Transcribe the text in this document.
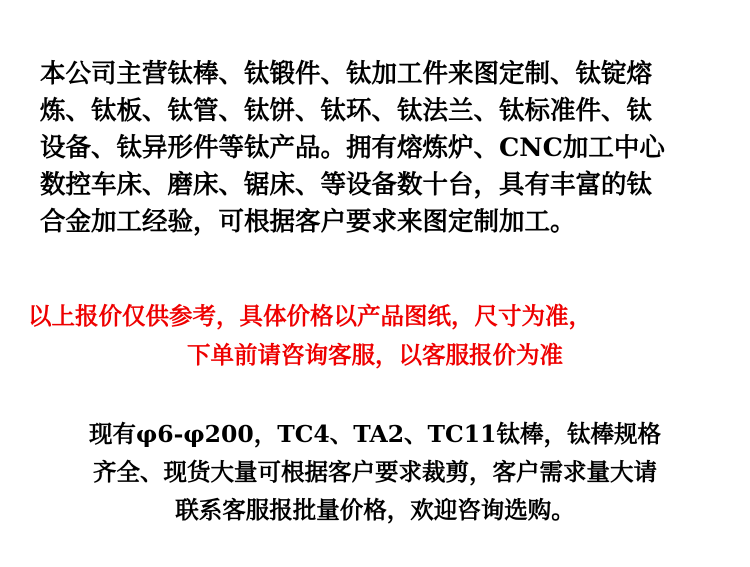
本公司主营钛棒、钛锻件、钛加工件来图定制、钛锭熔
炼、钛板、钛管、钛饼、钛环、钛法兰、钛标准件、钛
设备、钛异形件等钛产品。拥有熔炼炉、CNC加工中心
数控车床、磨床、锯床、等设备数十台，具有丰富的钛
合金加工经验，可根据客户要求来图定制加工。
以上报价仅供参考，具体价格以产品图纸，尺寸为准，
下单前请咨询客服，以客服报价为准
现有φ6-φ200，TC4、TA2、TC11钛棒，钛棒规格
齐全、现货大量可根据客户要求裁剪，客户需求量大请
联系客服报批量价格，欢迎咨询选购。
